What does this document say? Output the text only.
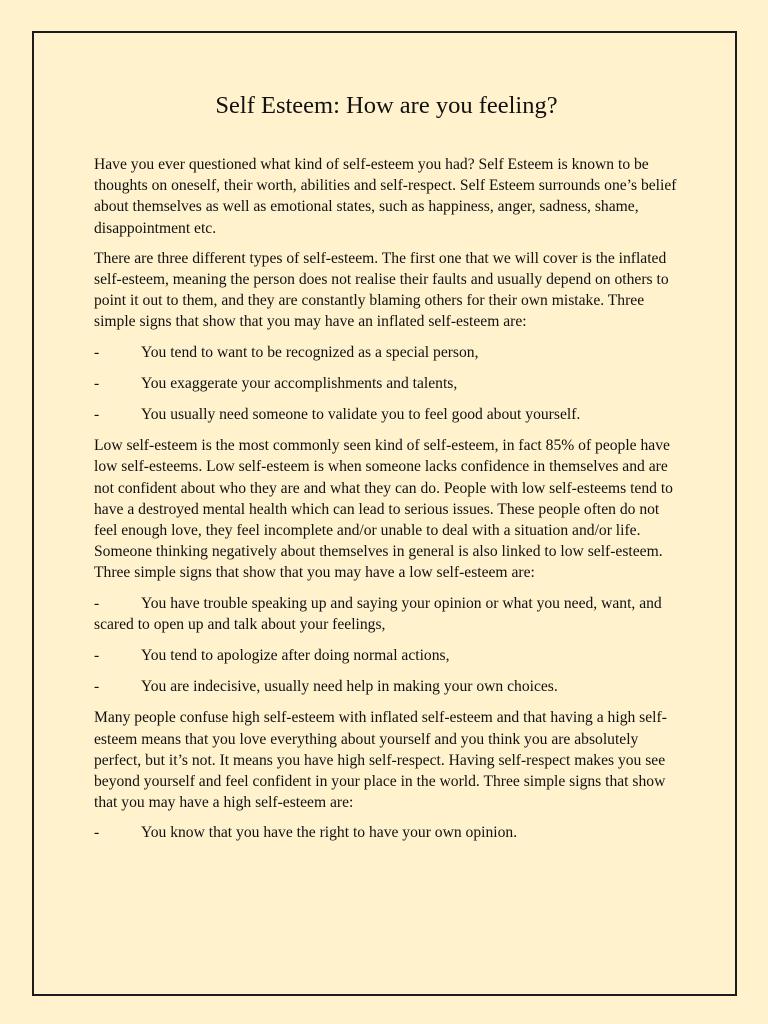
Self Esteem: How are you feeling?

Have you ever questioned what kind of self-esteem you had? Self Esteem is known to be thoughts on oneself, their worth, abilities and self-respect. Self Esteem surrounds one’s belief about themselves as well as emotional states, such as happiness, anger, sadness, shame, disappointment etc.

There are three different types of self-esteem. The first one that we will cover is the inflated self-esteem, meaning the person does not realise their faults and usually depend on others to point it out to them, and they are constantly blaming others for their own mistake. Three simple signs that show that you may have an inflated self-esteem are:

-	You tend to want to be recognized as a special person,
-	You exaggerate your accomplishments and talents,
-	You usually need someone to validate you to feel good about yourself.

Low self-esteem is the most commonly seen kind of self-esteem, in fact 85% of people have low self-esteems. Low self-esteem is when someone lacks confidence in themselves and are not confident about who they are and what they can do. People with low self-esteems tend to have a destroyed mental health which can lead to serious issues. These people often do not feel enough love, they feel incomplete and/or unable to deal with a situation and/or life. Someone thinking negatively about themselves in general is also linked to low self-esteem. Three simple signs that show that you may have a low self-esteem are:

-	You have trouble speaking up and saying your opinion or what you need, want, and scared to open up and talk about your feelings,
-	You tend to apologize after doing normal actions,
-	You are indecisive, usually need help in making your own choices.

Many people confuse high self-esteem with inflated self-esteem and that having a high self-esteem means that you love everything about yourself and you think you are absolutely perfect, but it’s not. It means you have high self-respect. Having self-respect makes you see beyond yourself and feel confident in your place in the world. Three simple signs that show that you may have a high self-esteem are:

-	You know that you have the right to have your own opinion.
